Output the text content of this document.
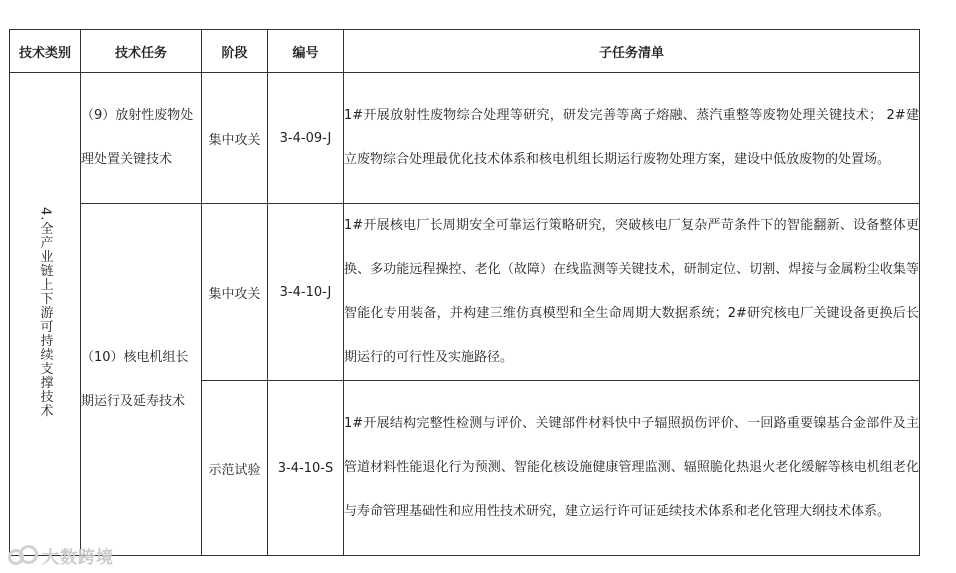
技术类别	技术任务	阶段	编号	子任务清单
4.全产业链上下游可持续支撑技术	（9）放射性废物处理处置关键技术	集中攻关	3-4-09-J	1#开展放射性废物综合处理等研究，研发完善等离子熔融、蒸汽重整等废物处理关键技术； 2#建立废物综合处理最优化技术体系和核电机组长期运行废物处理方案，建设中低放废物的处置场。
	（10）核电机组长期运行及延寿技术	集中攻关	3-4-10-J	1#开展核电厂长周期安全可靠运行策略研究，突破核电厂复杂严苛条件下的智能翻新、设备整体更换、多功能远程操控、老化（故障）在线监测等关键技术，研制定位、切割、焊接与金属粉尘收集等智能化专用装备，并构建三维仿真模型和全生命周期大数据系统；2#研究核电厂关键设备更换后长期运行的可行性及实施路径。
		示范试验	3-4-10-S	1#开展结构完整性检测与评价、关键部件材料快中子辐照损伤评价、一回路重要镍基合金部件及主管道材料性能退化行为预测、智能化核设施健康管理监测、辐照脆化热退火老化缓解等核电机组老化与寿命管理基础性和应用性技术研究，建立运行许可证延续技术体系和老化管理大纲技术体系。
大数跨境
